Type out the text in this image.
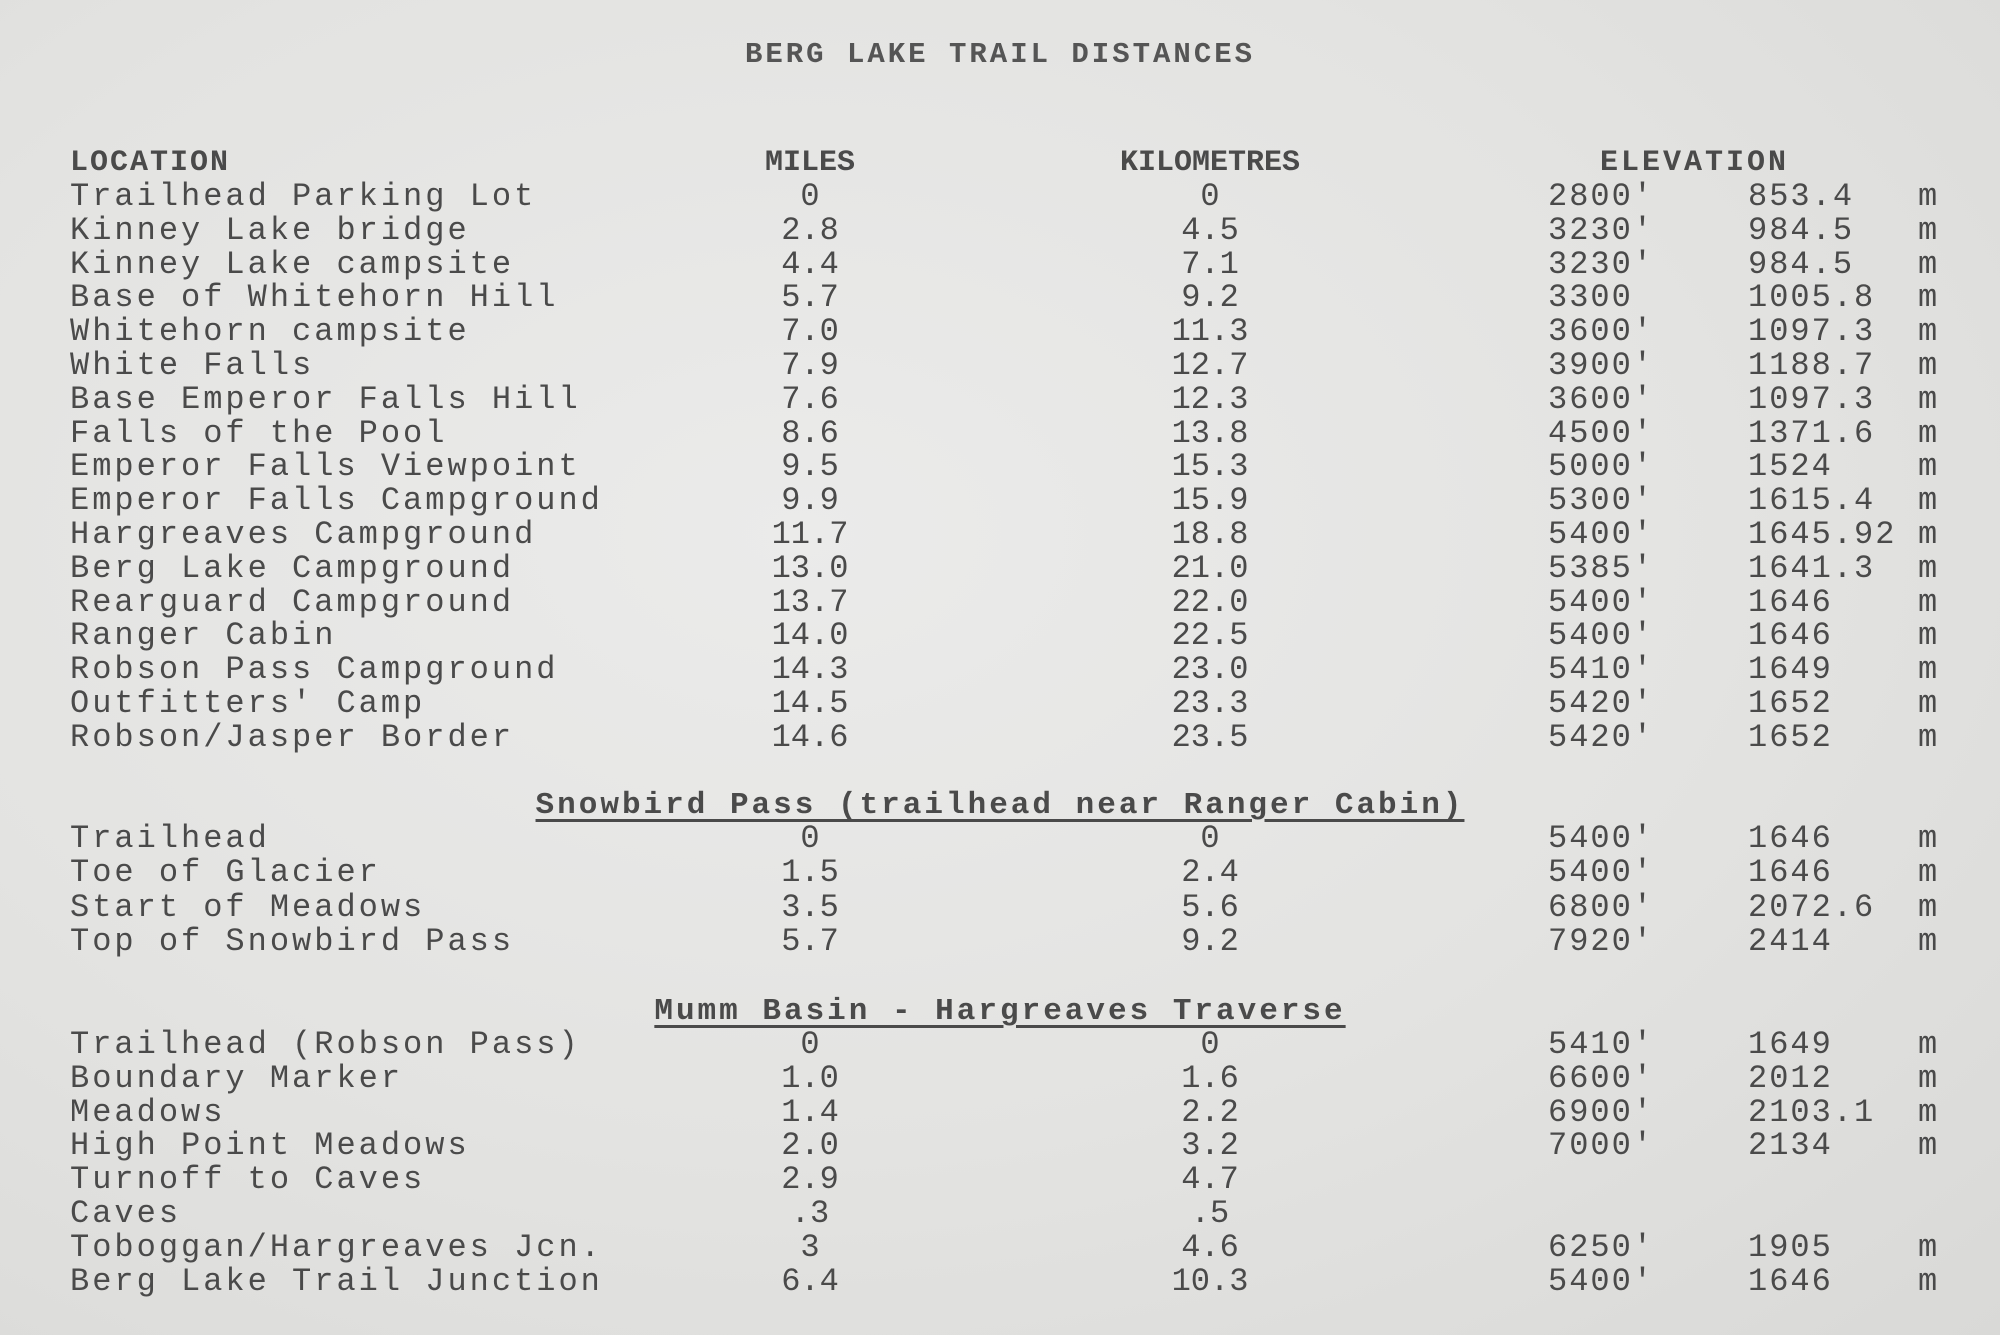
BERG LAKE TRAIL DISTANCES
LOCATION	MILES	KILOMETRES	ELEVATION
Trailhead Parking Lot	0	0	2800'	853.4 m
Kinney Lake bridge	2.8	4.5	3230'	984.5 m
Kinney Lake campsite	4.4	7.1	3230'	984.5 m
Base of Whitehorn Hill	5.7	9.2	3300	1005.8 m
Whitehorn campsite	7.0	11.3	3600'	1097.3 m
White Falls	7.9	12.7	3900'	1188.7 m
Base Emperor Falls Hill	7.6	12.3	3600'	1097.3 m
Falls of the Pool	8.6	13.8	4500'	1371.6 m
Emperor Falls Viewpoint	9.5	15.3	5000'	1524	m
Emperor Falls Campground	9.9	15.9	5300'	1615.4 m
Hargreaves Campground	11.7	18.8	5400'	1645.92 m
Berg Lake Campground	13.0	21.0	5385'	1641.3 m
Rearguard Campground	13.7	22.0	5400'	1646	m
Ranger Cabin	14.0	22.5	5400'	1646	m
Robson Pass Campground	14.3	23.0	5410'	1649	m
Outfitters' Camp	14.5	23.3	5420'	1652	m
Robson/Jasper Border	14.6	23.5	5420'	1652	m
Snowbird Pass (trailhead near Ranger Cabin)
Trailhead	0	0	5400'	1646	m
Toe of Glacier	1.5	2.4	5400'	1646	m
Start of Meadows	3.5	5.6	6800'	2072.6 m
Top of Snowbird Pass	5.7	9.2	7920'	2414	m
Mumm Basin - Hargreaves Traverse
Trailhead (Robson Pass)	0	0	5410'	1649	m
Boundary Marker	1.0	1.6	6600'	2012	m
Meadows	1.4	2.2	6900'	2103.1 m
High Point Meadows	2.0	3.2	7000'	2134	m
Turnoff to Caves	2.9	4.7
Caves	.3	.5
Toboggan/Hargreaves Jcn.	3	4.6	6250'	1905	m
Berg Lake Trail Junction	6.4	10.3	5400'	1646	m
